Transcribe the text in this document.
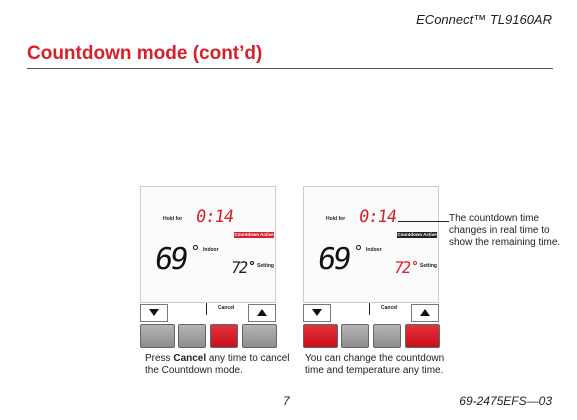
EConnect™ TL9160AR
Countdown mode (cont’d)
Hold for 0:14
Countdown Active
69	Indoor
72 Setting
Cancel
Hold for 0:14
Countdown Active
69	Indoor
72 Setting
Cancel
The countdown time changes in real time to show the remaining time.
Press Cancel any time to cancel the Countdown mode.
You can change the countdown time and temperature any time.
7	69-2475EFS—03
